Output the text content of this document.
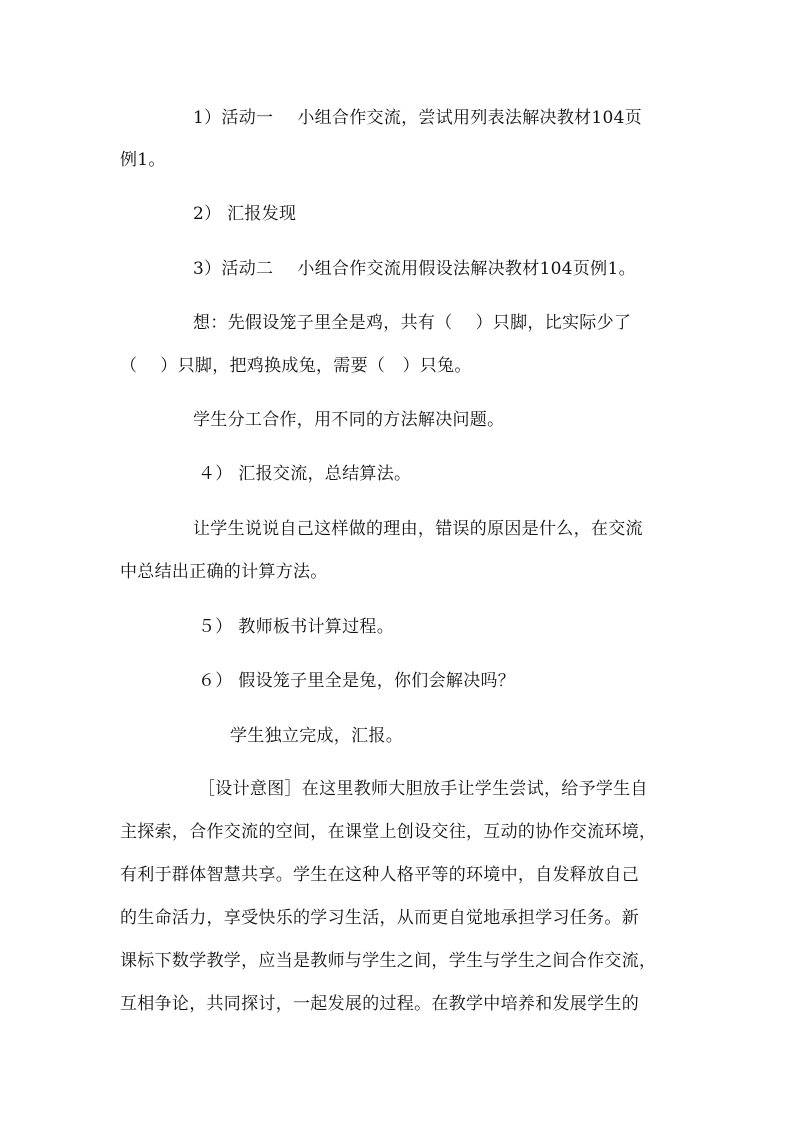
1）活动一 小组合作交流，尝试用列表法解决教材104页
例1。
2） 汇报发现
3）活动二 小组合作交流用假设法解决教材104页例1。
想：先假设笼子里全是鸡，共有（　 ）只脚，比实际少了
（　 ）只脚，把鸡换成兔，需要（　）只兔。
学生分工合作，用不同的方法解决问题。
４） 汇报交流，总结算法。
让学生说说自己这样做的理由，错误的原因是什么，在交流
中总结出正确的计算方法。
５） 教师板书计算过程。
６） 假设笼子里全是兔，你们会解决吗？
学生独立完成，汇报。
［设计意图］在这里教师大胆放手让学生尝试，给予学生自
主探索，合作交流的空间，在课堂上创设交往，互动的协作交流环境，
有利于群体智慧共享。学生在这种人格平等的环境中，自发释放自己
的生命活力，享受快乐的学习生活，从而更自觉地承担学习任务。新
课标下数学教学，应当是教师与学生之间，学生与学生之间合作交流，
互相争论，共同探讨，一起发展的过程。在教学中培养和发展学生的
